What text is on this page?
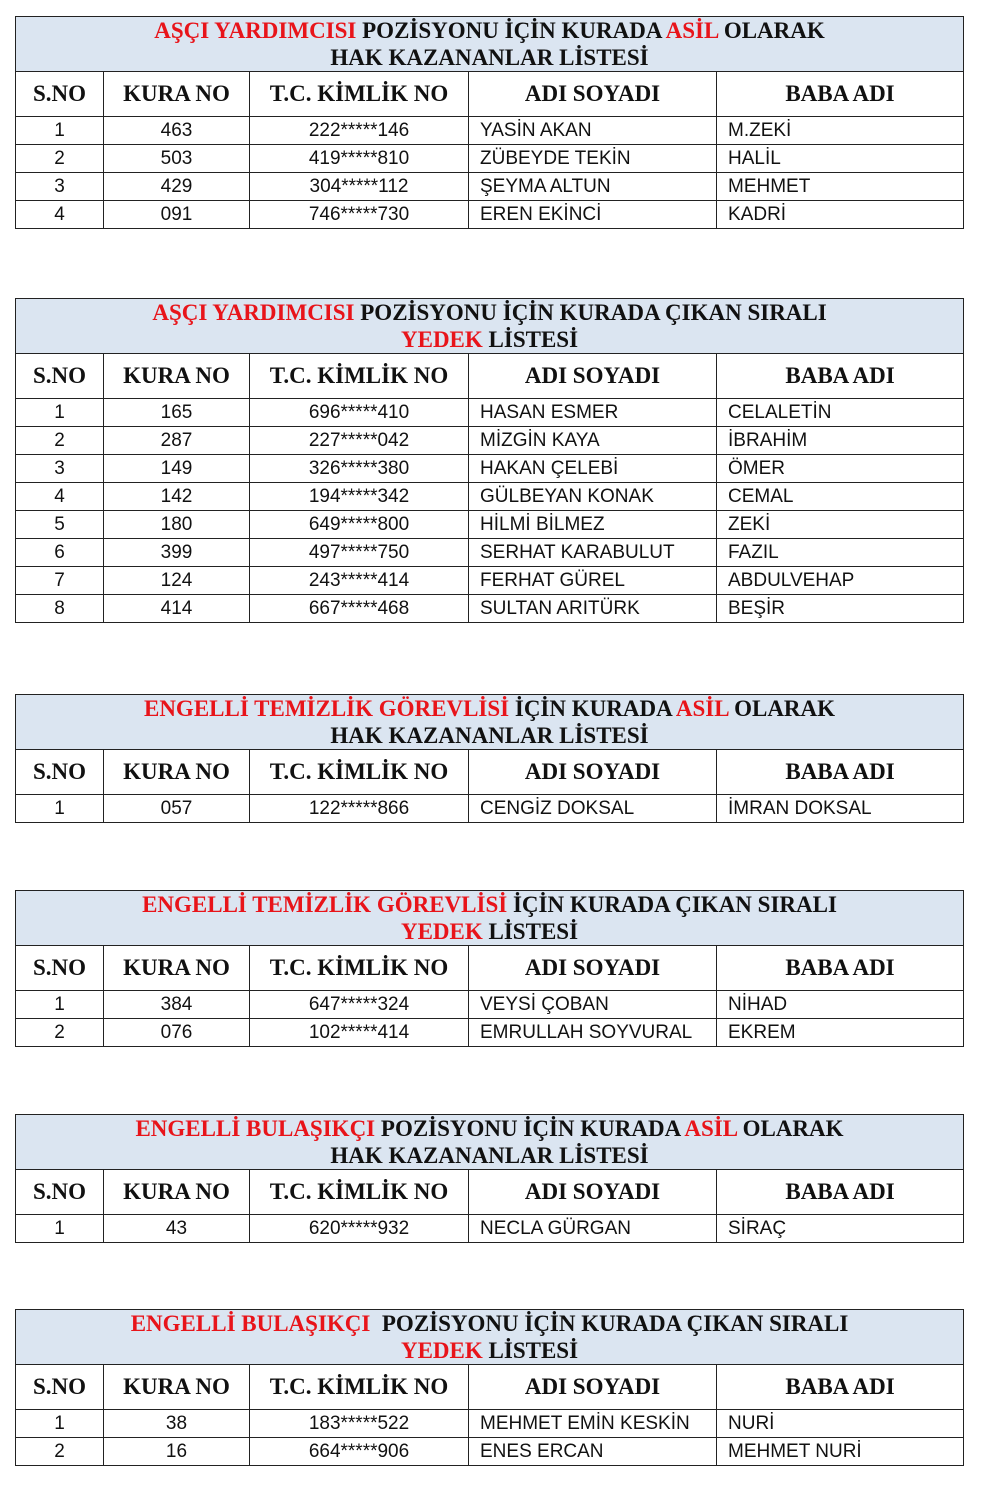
AŞÇI YARDIMCISI POZİSYONU İÇİN KURADA ASİL OLARAK
HAK KAZANANLAR LİSTESİ				

S.NO	KURA NO	T.C. KİMLİK NO	ADI SOYADI	BABA ADI
1	463	222*****146	YASİN AKAN	M.ZEKİ
2	503	419*****810	ZÜBEYDE TEKİN	HALİL
3	429	304*****112	ŞEYMA ALTUN	MEHMET
4	091	746*****730	EREN EKİNCİ	KADRİ
AŞÇI YARDIMCISI POZİSYONU İÇİN KURADA ÇIKAN SIRALI
YEDEK LİSTESİ				

S.NO	KURA NO	T.C. KİMLİK NO	ADI SOYADI	BABA ADI
1	165	696*****410	HASAN ESMER	CELALETİN
2	287	227*****042	MİZGİN KAYA	İBRAHİM
3	149	326*****380	HAKAN ÇELEBİ	ÖMER
4	142	194*****342	GÜLBEYAN KONAK	CEMAL
5	180	649*****800	HİLMİ BİLMEZ	ZEKİ
6	399	497*****750	SERHAT KARABULUT	FAZIL
7	124	243*****414	FERHAT GÜREL	ABDULVEHAP
8	414	667*****468	SULTAN ARITÜRK	BEŞİR
ENGELLİ TEMİZLİK GÖREVLİSİ İÇİN KURADA ASİL OLARAK
HAK KAZANANLAR LİSTESİ				

S.NO	KURA NO	T.C. KİMLİK NO	ADI SOYADI	BABA ADI
1	057	122*****866	CENGİZ DOKSAL	İMRAN DOKSAL
ENGELLİ TEMİZLİK GÖREVLİSİ İÇİN KURADA ÇIKAN SIRALI
YEDEK LİSTESİ				

S.NO	KURA NO	T.C. KİMLİK NO	ADI SOYADI	BABA ADI
1	384	647*****324	VEYSİ ÇOBAN	NİHAD
2	076	102*****414	EMRULLAH SOYVURAL	EKREM
ENGELLİ BULAŞIKÇI POZİSYONU İÇİN KURADA ASİL OLARAK
HAK KAZANANLAR LİSTESİ				

S.NO	KURA NO	T.C. KİMLİK NO	ADI SOYADI	BABA ADI
1	43	620*****932	NECLA GÜRGAN	SİRAÇ
ENGELLİ BULAŞIKÇI  POZİSYONU İÇİN KURADA ÇIKAN SIRALI
YEDEK LİSTESİ				

S.NO	KURA NO	T.C. KİMLİK NO	ADI SOYADI	BABA ADI
1	38	183*****522	MEHMET EMİN KESKİN	NURİ
2	16	664*****906	ENES ERCAN	MEHMET NURİ
